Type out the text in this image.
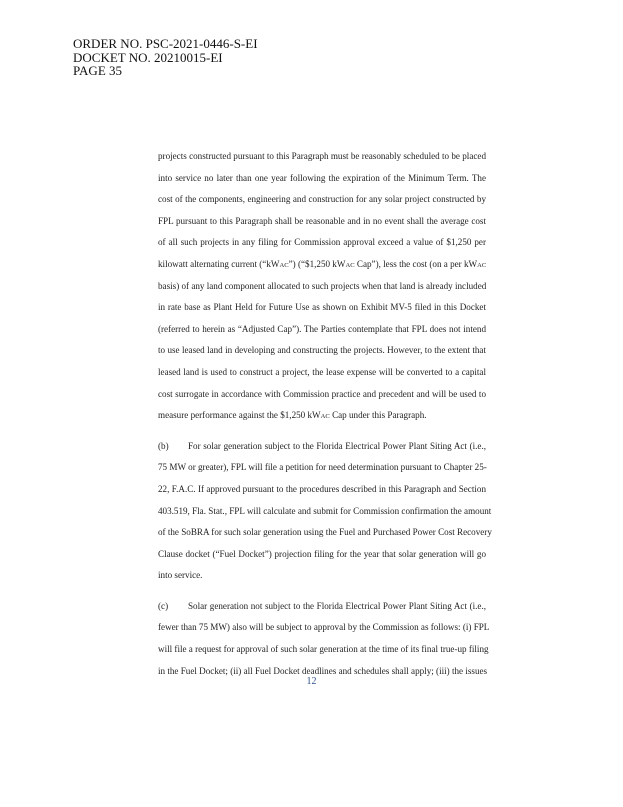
ORDER NO. PSC-2021-0446-S-EI
DOCKET NO. 20210015-EI
PAGE 35
projects constructed pursuant to this Paragraph must be reasonably scheduled to be placed
into service no later than one year following the expiration of the Minimum Term. The
cost of the components, engineering and construction for any solar project constructed by
FPL pursuant to this Paragraph shall be reasonable and in no event shall the average cost
of all such projects in any filing for Commission approval exceed a value of $1,250 per
kilowatt alternating current (“kWAC”) (“$1,250 kWAC Cap”), less the cost (on a per kWAC
basis) of any land component allocated to such projects when that land is already included
in rate base as Plant Held for Future Use as shown on Exhibit MV-5 filed in this Docket
(referred to herein as “Adjusted Cap”). The Parties contemplate that FPL does not intend
to use leased land in developing and constructing the projects. However, to the extent that
leased land is used to construct a project, the lease expense will be converted to a capital
cost surrogate in accordance with Commission practice and precedent and will be used to
measure performance against the $1,250 kWAC Cap under this Paragraph.
(b) For solar generation subject to the Florida Electrical Power Plant Siting Act (i.e.,
75 MW or greater), FPL will file a petition for need determination pursuant to Chapter 25-
22, F.A.C. If approved pursuant to the procedures described in this Paragraph and Section
403.519, Fla. Stat., FPL will calculate and submit for Commission confirmation the amount
of the SoBRA for such solar generation using the Fuel and Purchased Power Cost Recovery
Clause docket (“Fuel Docket”) projection filing for the year that solar generation will go
into service.
(c) Solar generation not subject to the Florida Electrical Power Plant Siting Act (i.e.,
fewer than 75 MW) also will be subject to approval by the Commission as follows: (i) FPL
will file a request for approval of such solar generation at the time of its final true-up filing
in the Fuel Docket; (ii) all Fuel Docket deadlines and schedules shall apply; (iii) the issues
12
